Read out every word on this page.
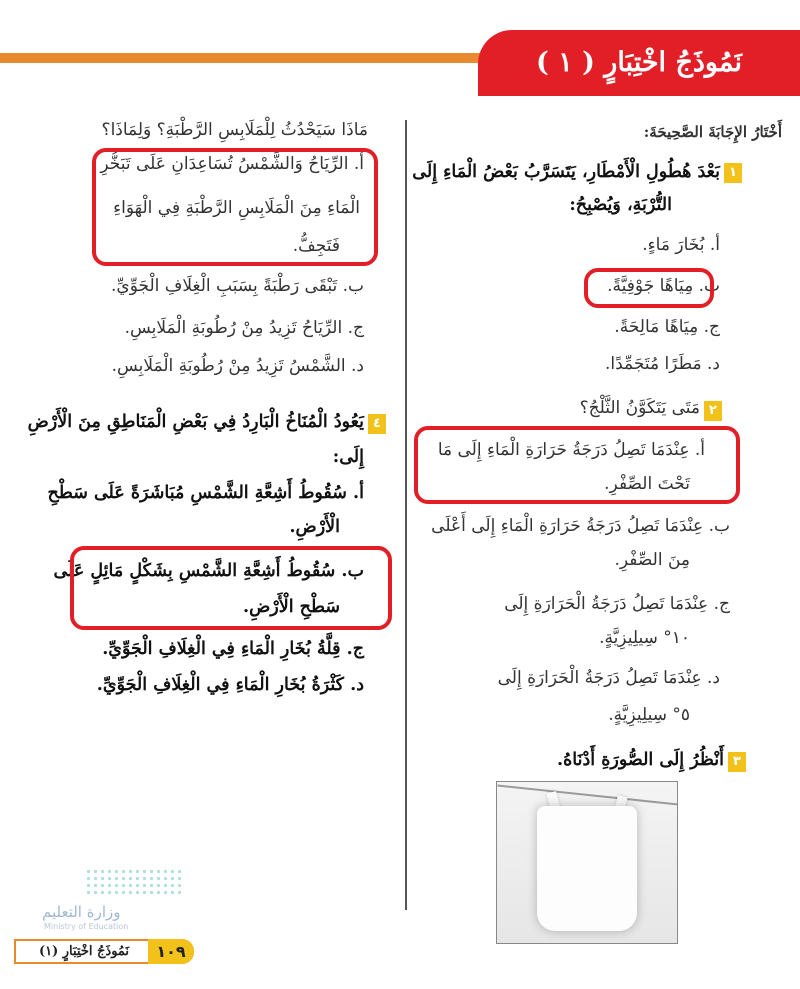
نَمُوذَجُ اخْتِبَارٍ ( ١ )
أَخْتَارُ الإِجَابَةَ الصَّحِيحَةَ:
١
بَعْدَ هُطُولِ الْأَمْطَارِ، يَتَسَرَّبُ بَعْضُ الْمَاءِ إِلَى
التُّرْبَةِ، وَيُصْبِحُ:
أ. بُخَارَ مَاءٍ.
ب. مِيَاهًا جَوْفِيَّةً.
ج. مِيَاهًا مَالِحَةً.
د. مَطَرًا مُتَجَمِّدًا.
٢
مَتَى يَتَكَوَّنُ الثَّلْجُ؟
أ. عِنْدَمَا تَصِلُ دَرَجَةُ حَرَارَةِ الْمَاءِ إِلَى مَا
تَحْتَ الصِّفْرِ.
ب. عِنْدَمَا تَصِلُ دَرَجَةُ حَرَارَةِ الْمَاءِ إِلَى أَعْلَى
مِنَ الصِّفْرِ.
ج. عِنْدَمَا تَصِلُ دَرَجَةُ الْحَرَارَةِ إِلَى
١٠° سِيلِيزِيَّةٍ.
د. عِنْدَمَا تَصِلُ دَرَجَةُ الْحَرَارَةِ إِلَى
٥° سِيلِيزِيَّةٍ.
٣
أَنْظُرُ إِلَى الصُّورَةِ أَدْنَاهُ.
مَاذَا سَيَحْدُثُ لِلْمَلَابِسِ الرَّطْبَةِ؟ وَلِمَاذَا؟
أ. الرِّيَاحُ وَالشَّمْسُ تُسَاعِدَانِ عَلَى تَبَخُّرِ
الْمَاءِ مِنَ الْمَلَابِسِ الرَّطْبَةِ فِي الْهَوَاءِ
فَتَجِفُّ.
ب. تَبْقَى رَطْبَةً بِسَبَبِ الْغِلَافِ الْجَوِّيِّ.
ج. الرِّيَاحُ تَزِيدُ مِنْ رُطُوبَةِ الْمَلَابِسِ.
د. الشَّمْسُ تَزِيدُ مِنْ رُطُوبَةِ الْمَلَابِسِ.
٤
يَعُودُ الْمُنَاخُ الْبَارِدُ فِي بَعْضِ الْمَنَاطِقِ مِنَ الْأَرْضِ
إِلَى:
أ. سُقُوطُ أَشِعَّةِ الشَّمْسِ مُبَاشَرَةً عَلَى سَطْحِ
الْأَرْضِ.
ب. سُقُوطُ أَشِعَّةِ الشَّمْسِ بِشَكْلٍ مَائِلٍ عَلَى
سَطْحِ الْأَرْضِ.
ج. قِلَّةُ بُخَارِ الْمَاءِ فِي الْغِلَافِ الْجَوِّيِّ.
د. كَثْرَةُ بُخَارِ الْمَاءِ فِي الْغِلَافِ الْجَوِّيِّ.
وزارة التعليم
Ministry of Education
نَمُوذَجُ اخْتِبَارٍ (١)	١٠٩
